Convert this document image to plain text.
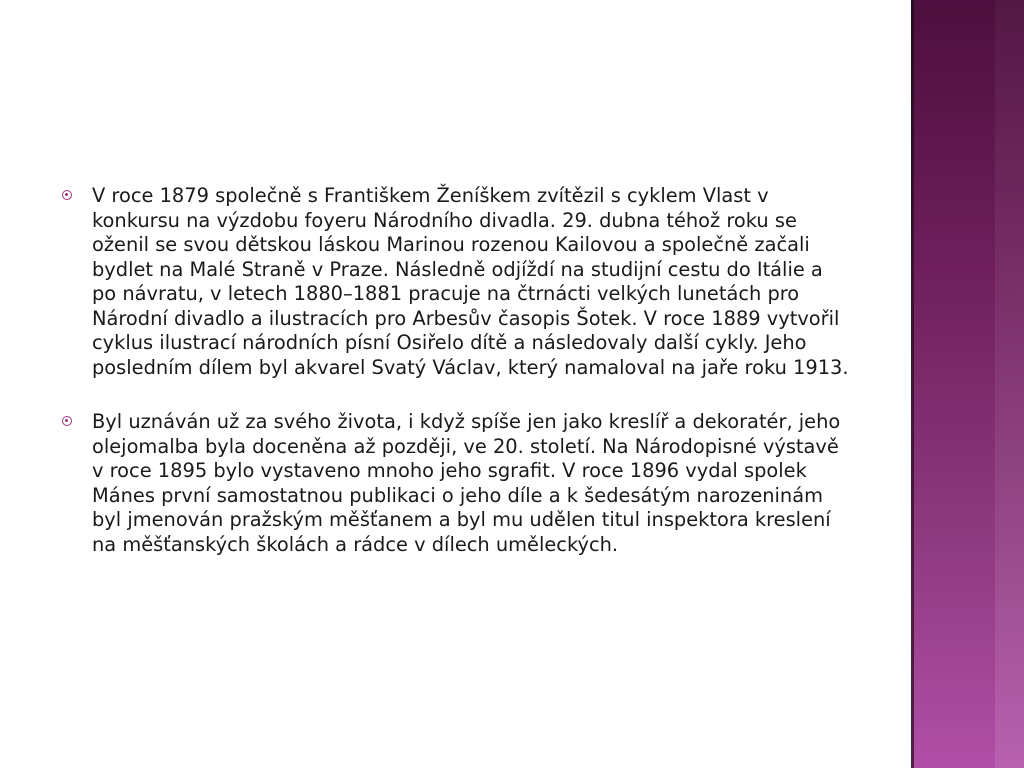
V roce 1879 společně s Františkem Ženíškem zvítězil s cyklem Vlast v konkursu na výzdobu foyeru Národního divadla. 29. dubna téhož roku se oženil se svou dětskou láskou Marinou rozenou Kailovou a společně začali bydlet na Malé Straně v Praze. Následně odjíždí na studijní cestu do Itálie a po návratu, v letech 1880–1881 pracuje na čtrnácti velkých lunetách pro Národní divadlo a ilustracích pro Arbesův časopis Šotek. V roce 1889 vytvořil cyklus ilustrací národních písní Osiřelo dítě a následovaly další cykly. Jeho posledním dílem byl akvarel Svatý Václav, který namaloval na jaře roku 1913.

Byl uznáván už za svého života, i když spíše jen jako kreslíř a dekoratér, jeho olejomalba byla doceněna až později, ve 20. století. Na Národopisné výstavě v roce 1895 bylo vystaveno mnoho jeho sgrafit. V roce 1896 vydal spolek Mánes první samostatnou publikaci o jeho díle a k šedesátým narozeninám byl jmenován pražským měšťanem a byl mu udělen titul inspektora kreslení na měšťanských školách a rádce v dílech uměleckých.
